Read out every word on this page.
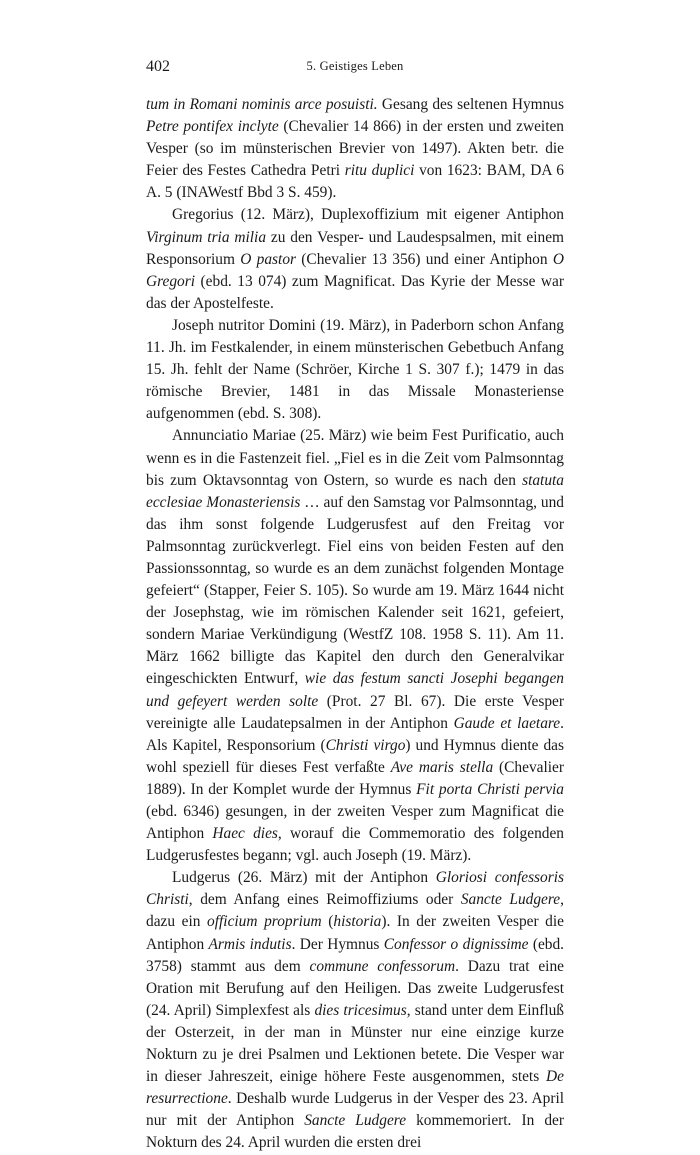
402	5. Geistiges Leben

tum in Romani nominis arce posuisti. Gesang des seltenen Hymnus Petre pontifex inclyte (Chevalier 14 866) in der ersten und zweiten Vesper (so im münsterischen Brevier von 1497). Akten betr. die Feier des Festes Cathedra Petri ritu duplici von 1623: BAM, DA 6 A. 5 (INAWestf Bbd 3 S. 459).

Gregorius (12. März), Duplexoffizium mit eigener Antiphon Virginum tria milia zu den Vesper- und Laudespsalmen, mit einem Responsorium O pastor (Chevalier 13 356) und einer Antiphon O Gregori (ebd. 13 074) zum Magnificat. Das Kyrie der Messe war das der Apostelfeste.

Joseph nutritor Domini (19. März), in Paderborn schon Anfang 11. Jh. im Festkalender, in einem münsterischen Gebetbuch Anfang 15. Jh. fehlt der Name (Schröer, Kirche 1 S. 307 f.); 1479 in das römische Brevier, 1481 in das Missale Monasteriense aufgenommen (ebd. S. 308).

Annunciatio Mariae (25. März) wie beim Fest Purificatio, auch wenn es in die Fastenzeit fiel. „Fiel es in die Zeit vom Palmsonntag bis zum Oktavsonntag von Ostern, so wurde es nach den statuta ecclesiae Monasteriensis … auf den Samstag vor Palmsonntag, und das ihm sonst folgende Ludgerusfest auf den Freitag vor Palmsonntag zurückverlegt. Fiel eins von beiden Festen auf den Passionssonntag, so wurde es an dem zunächst folgenden Montage gefeiert“ (Stapper, Feier S. 105). So wurde am 19. März 1644 nicht der Josephstag, wie im römischen Kalender seit 1621, gefeiert, sondern Mariae Verkündigung (WestfZ 108. 1958 S. 11). Am 11. März 1662 billigte das Kapitel den durch den Generalvikar eingeschickten Entwurf, wie das festum sancti Josephi begangen und gefeyert werden solte (Prot. 27 Bl. 67). Die erste Vesper vereinigte alle Laudatepsalmen in der Antiphon Gaude et laetare. Als Kapitel, Responsorium (Christi virgo) und Hymnus diente das wohl speziell für dieses Fest verfaßte Ave maris stella (Chevalier 1889). In der Komplet wurde der Hymnus Fit porta Christi pervia (ebd. 6346) gesungen, in der zweiten Vesper zum Magnificat die Antiphon Haec dies, worauf die Commemoratio des folgenden Ludgerusfestes begann; vgl. auch Joseph (19. März).

Ludgerus (26. März) mit der Antiphon Gloriosi confessoris Christi, dem Anfang eines Reimoffiziums oder Sancte Ludgere, dazu ein officium proprium (historia). In der zweiten Vesper die Antiphon Armis indutis. Der Hymnus Confessor o dignissime (ebd. 3758) stammt aus dem commune confessorum. Dazu trat eine Oration mit Berufung auf den Heiligen. Das zweite Ludgerusfest (24. April) Simplexfest als dies tricesimus, stand unter dem Einfluß der Osterzeit, in der man in Münster nur eine einzige kurze Nokturn zu je drei Psalmen und Lektionen betete. Die Vesper war in dieser Jahreszeit, einige höhere Feste ausgenommen, stets De resurrectione. Deshalb wurde Ludgerus in der Vesper des 23. April nur mit der Antiphon Sancte Ludgere kommemoriert. In der Nokturn des 24. April wurden die ersten drei
